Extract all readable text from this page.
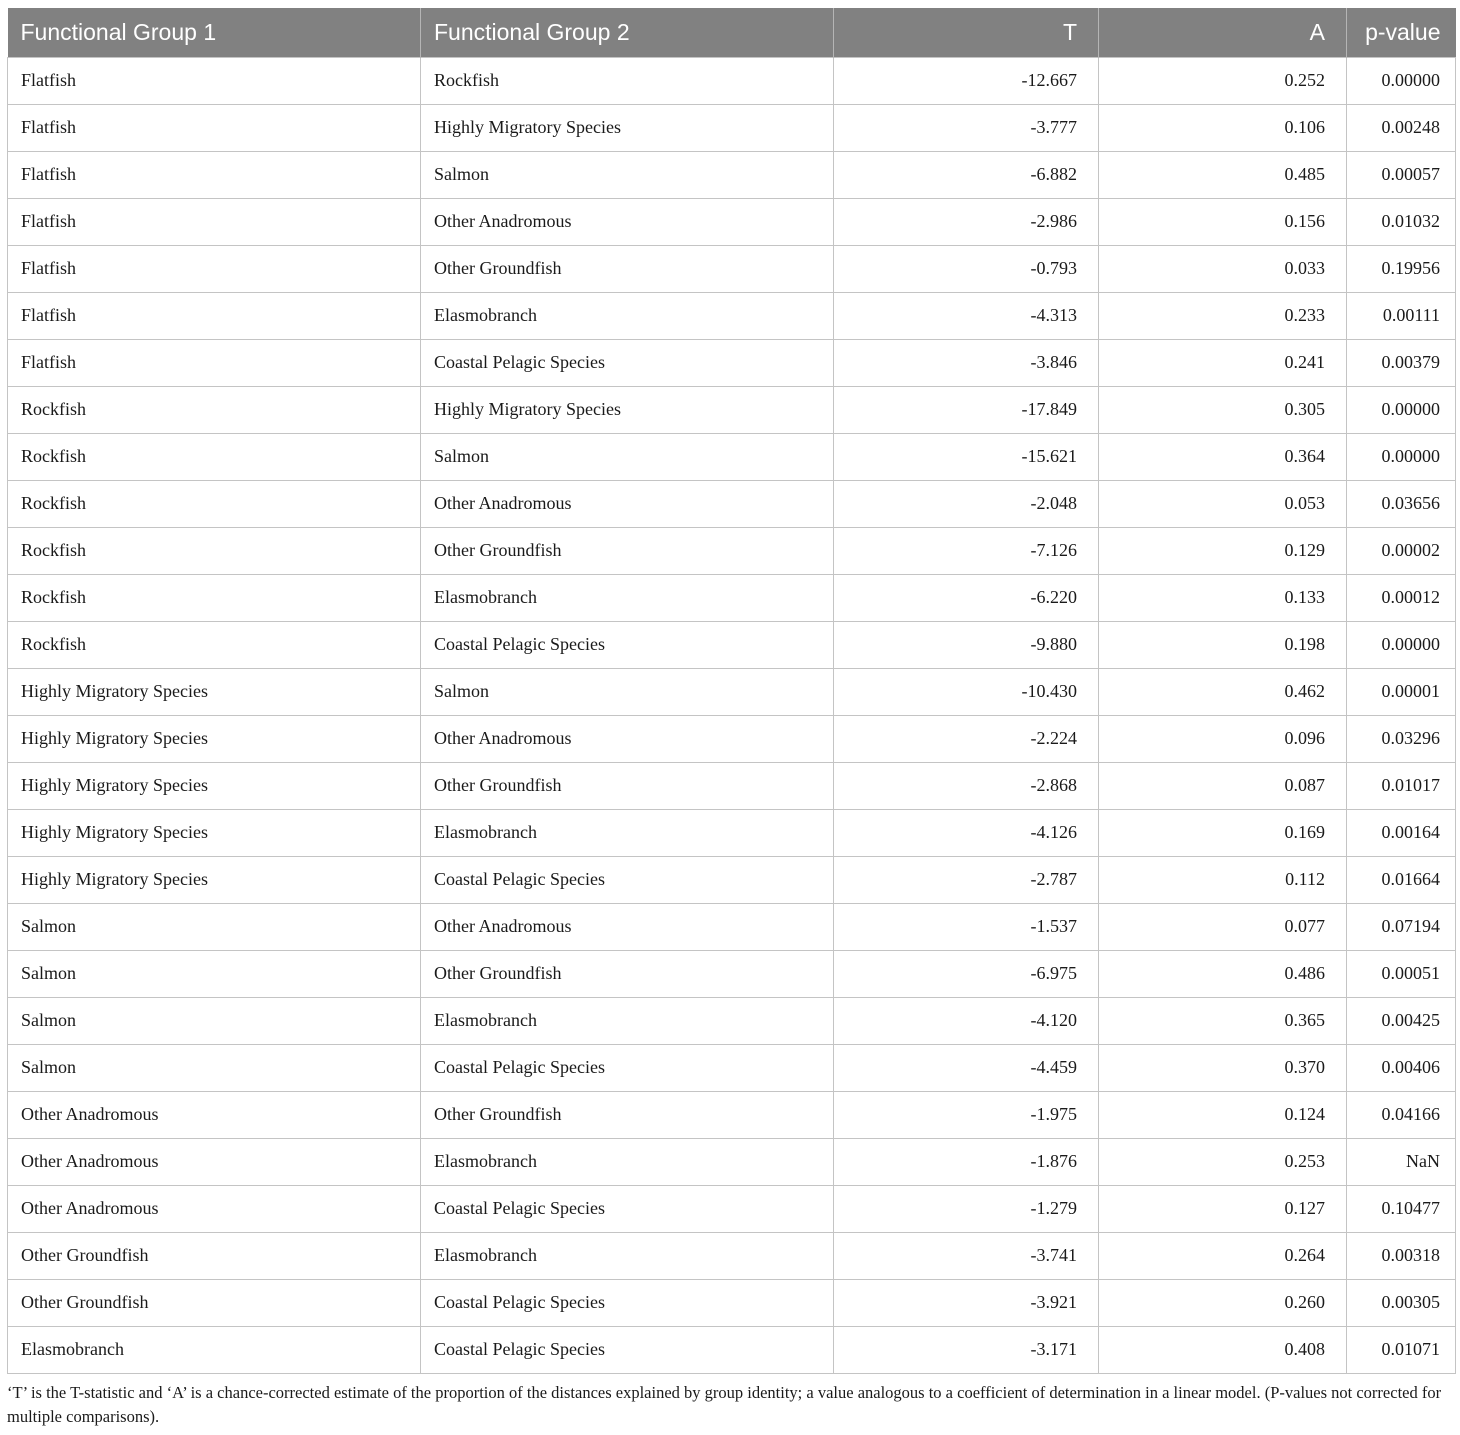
Functional Group 1	Functional Group 2	T	A	p-value
Flatfish	Rockfish	-12.667	0.252	0.00000
Flatfish	Highly Migratory Species	-3.777	0.106	0.00248
Flatfish	Salmon	-6.882	0.485	0.00057
Flatfish	Other Anadromous	-2.986	0.156	0.01032
Flatfish	Other Groundfish	-0.793	0.033	0.19956
Flatfish	Elasmobranch	-4.313	0.233	0.00111
Flatfish	Coastal Pelagic Species	-3.846	0.241	0.00379
Rockfish	Highly Migratory Species	-17.849	0.305	0.00000
Rockfish	Salmon	-15.621	0.364	0.00000
Rockfish	Other Anadromous	-2.048	0.053	0.03656
Rockfish	Other Groundfish	-7.126	0.129	0.00002
Rockfish	Elasmobranch	-6.220	0.133	0.00012
Rockfish	Coastal Pelagic Species	-9.880	0.198	0.00000
Highly Migratory Species	Salmon	-10.430	0.462	0.00001
Highly Migratory Species	Other Anadromous	-2.224	0.096	0.03296
Highly Migratory Species	Other Groundfish	-2.868	0.087	0.01017
Highly Migratory Species	Elasmobranch	-4.126	0.169	0.00164
Highly Migratory Species	Coastal Pelagic Species	-2.787	0.112	0.01664
Salmon	Other Anadromous	-1.537	0.077	0.07194
Salmon	Other Groundfish	-6.975	0.486	0.00051
Salmon	Elasmobranch	-4.120	0.365	0.00425
Salmon	Coastal Pelagic Species	-4.459	0.370	0.00406
Other Anadromous	Other Groundfish	-1.975	0.124	0.04166
Other Anadromous	Elasmobranch	-1.876	0.253	NaN
Other Anadromous	Coastal Pelagic Species	-1.279	0.127	0.10477
Other Groundfish	Elasmobranch	-3.741	0.264	0.00318
Other Groundfish	Coastal Pelagic Species	-3.921	0.260	0.00305
Elasmobranch	Coastal Pelagic Species	-3.171	0.408	0.01071

‘T’ is the T-statistic and ‘A’ is a chance-corrected estimate of the proportion of the distances explained by group identity; a value analogous to a coefficient of determination in a linear model. (P-values not corrected for multiple comparisons).
